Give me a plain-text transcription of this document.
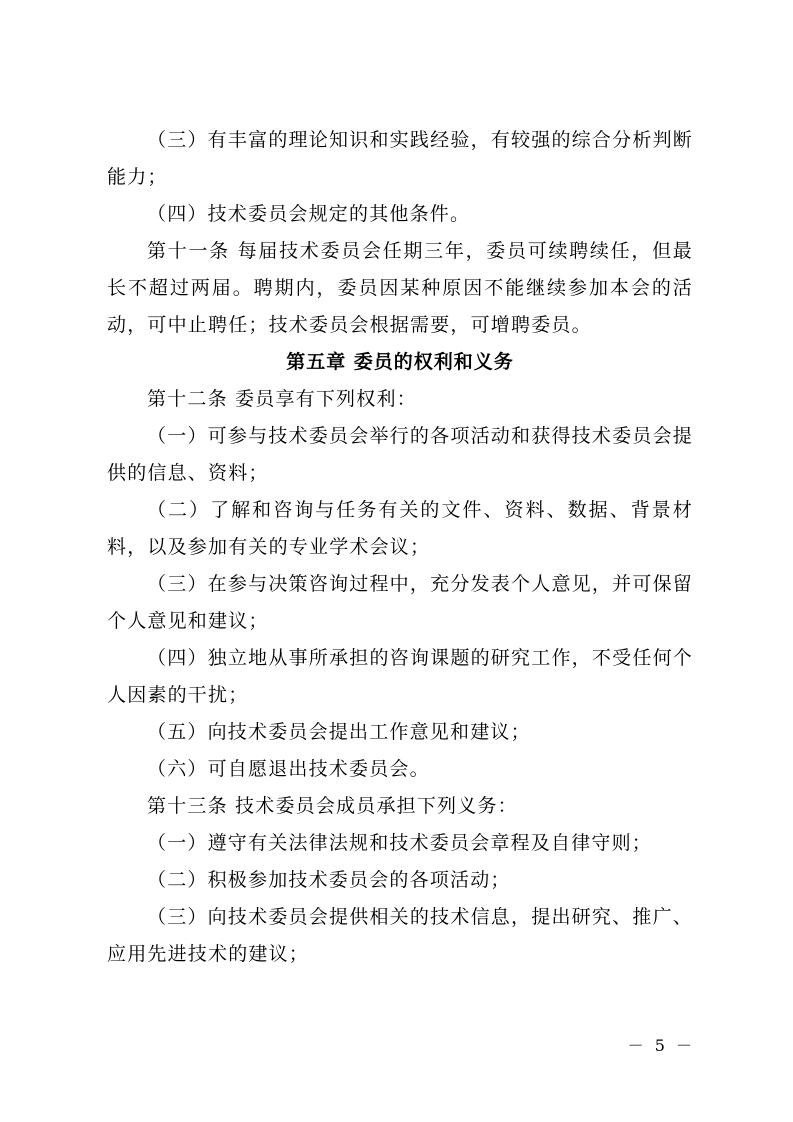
（三）有丰富的理论知识和实践经验，有较强的综合分析判断能力；

（四）技术委员会规定的其他条件。

第十一条 每届技术委员会任期三年，委员可续聘续任，但最长不超过两届。聘期内，委员因某种原因不能继续参加本会的活动，可中止聘任；技术委员会根据需要，可增聘委员。

第五章 委员的权利和义务

第十二条 委员享有下列权利：

（一）可参与技术委员会举行的各项活动和获得技术委员会提供的信息、资料；

（二）了解和咨询与任务有关的文件、资料、数据、背景材料，以及参加有关的专业学术会议；

（三）在参与决策咨询过程中，充分发表个人意见，并可保留个人意见和建议；

（四）独立地从事所承担的咨询课题的研究工作，不受任何个人因素的干扰；

（五）向技术委员会提出工作意见和建议；

（六）可自愿退出技术委员会。

第十三条 技术委员会成员承担下列义务：

（一）遵守有关法律法规和技术委员会章程及自律守则；

（二）积极参加技术委员会的各项活动；

（三）向技术委员会提供相关的技术信息，提出研究、推广、应用先进技术的建议；

－ 5 －
